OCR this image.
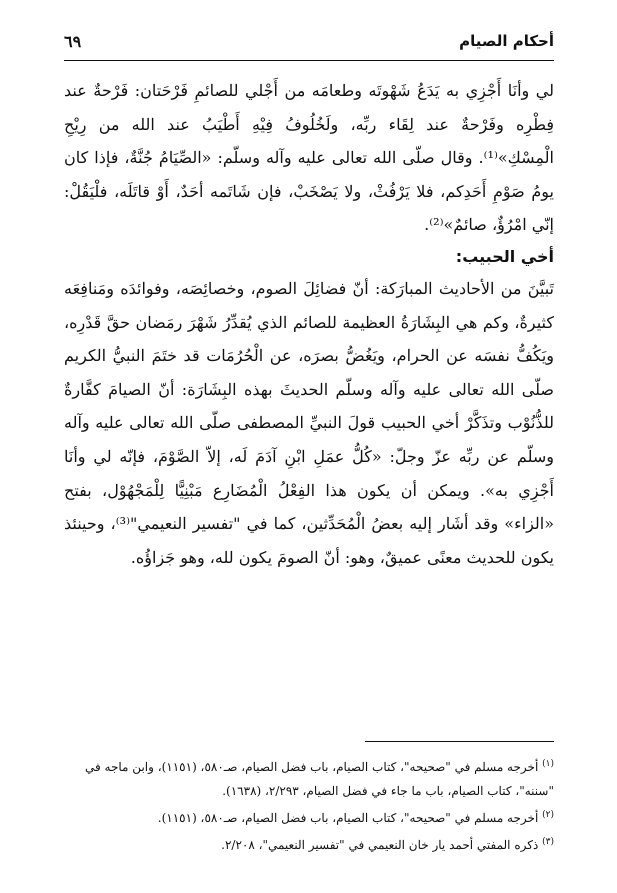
أحكام الصيام
٦٩

لي وأنَا أَجْزِي به يَدَعُ شَهْوتَه وطعامَه من أَجْلي للصائمِ فَرْحَتان: فَرْحةٌ عند فِطْرِه وفَرْحةٌ عند لِقَاء ربِّه، ولَخُلُوفُ فِيْهِ أَطْيَبُ عند الله من رِيْحِ الْمِسْكِ»⁽¹⁾. وقال صلّى الله تعالى عليه وآله وسلّم: «الصِّيَامُ جُنَّةٌ، فإذا كان يومُ صَوْمِ أَحَدِكم، فلا يَرْفُثْ، ولا يَصْخَبْ، فإن شَاتَمه أحَدٌ، أَوْ قاتَلَه، فلْيَقُلْ: إنّي امْرُؤٌ، صائمٌ»⁽²⁾.

أخي الحبيب:

تَبيَّنَ من الأحاديث المبارَكة: أنّ فضائِلَ الصوم، وخصائِصَه، وفوائدَه ومَنافِعَه كثيرةٌ، وكم هي البِشَارَةُ العظيمة للصائم الذي يُقدِّرُ شَهْرَ رمَضان حقَّ قَدْرِه، ويَكُفُّ نفسَه عن الحرام، ويَغُضُّ بصرَه، عن الْحُرُمَات قد ختَمَ النبيُّ الكريم صلّى الله تعالى عليه وآله وسلّم الحديثَ بهذه البِشَارَة: أنّ الصيامَ كفَّارةٌ للذُّنُوْب وتذَكَّرْ أخي الحبيب قولَ النبيِّ المصطفى صلّى الله تعالى عليه وآله وسلّم عن ربِّه عزّ وجلّ: «كُلُّ عمَلِ ابْنِ آدَمَ لَه، إلاّ الصَّوْمَ، فإنّه لي وأنَا أَجْزِي به». ويمكن أن يكون هذا الفِعْلُ الْمُضَارِع مَبْنِيًّا لِلْمَجْهُوْل، بفتح «الزاء» وقد أشَار إليه بعضُ الْمُحَدِّثين، كما في "تفسير النعيمي"⁽³⁾، وحينئذ يكون للحديث معنًى عميقٌ، وهو: أنّ الصومَ يكون لله، وهو جَزاؤُه.

$^{(١)}$ أخرجه مسلم في "صحيحه"، كتاب الصيام، باب فضل الصيام، صـ٥٨٠، (١١٥١)، وابن ماجه في "سننه"، كتاب الصيام، باب ما جاء في فضل الصيام، ٢/٢٩٣، (١٦٣٨).

$^{(٢)}$ أخرجه مسلم في "صحيحه"، كتاب الصيام، باب فضل الصيام، صـ٥٨٠، (١١٥١).

$^{(٣)}$ ذكره المفتي أحمد يار خان النعيمي في "تفسير النعيمي"، ٢/٢٠٨.
